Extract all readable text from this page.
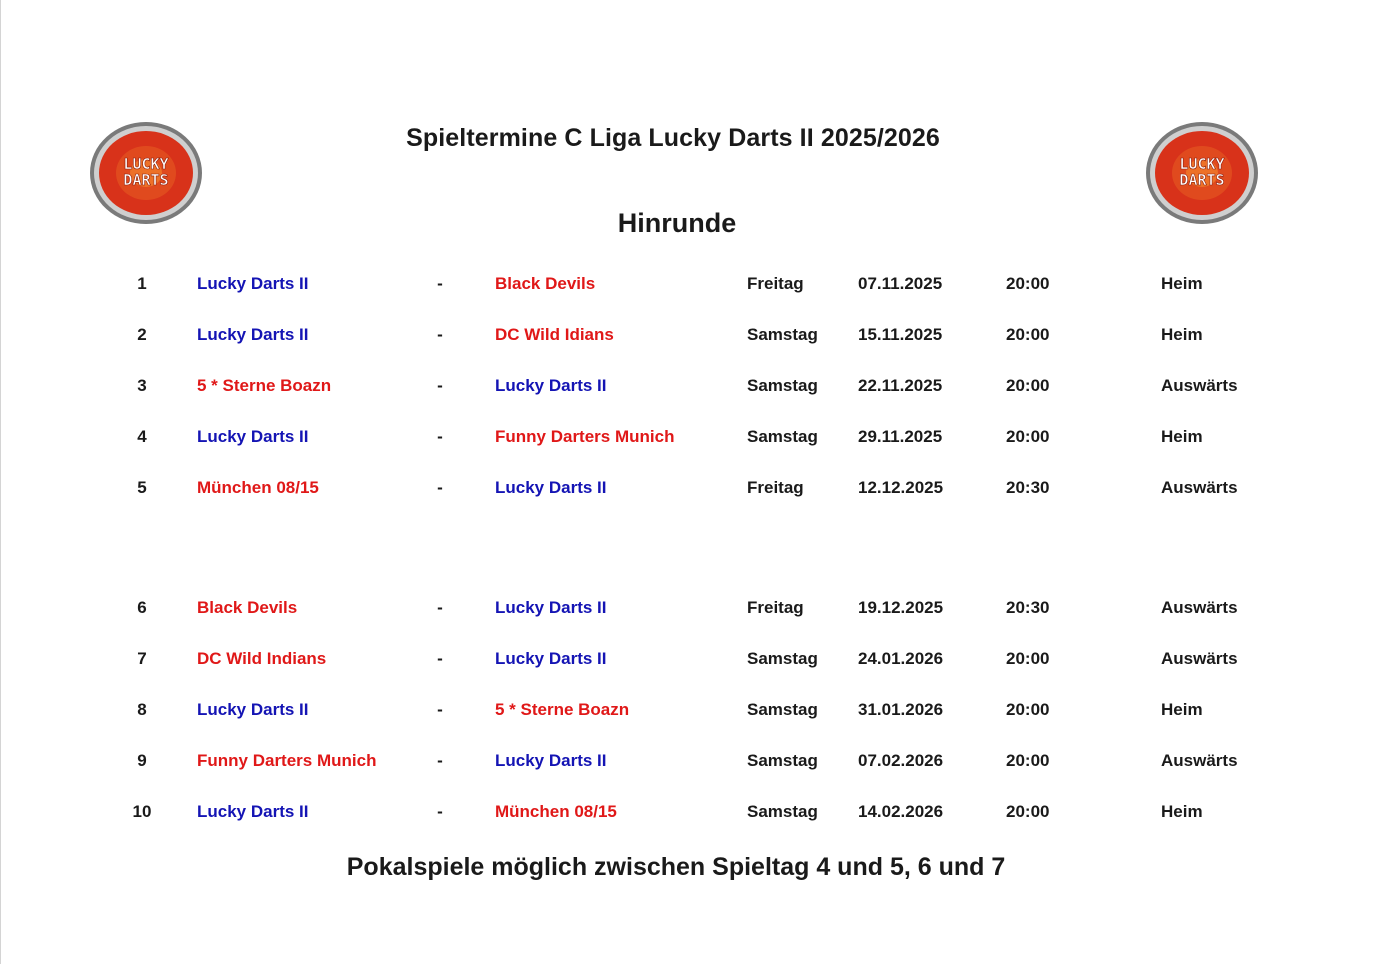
LUCKY
DARTS
LUCKY
DARTS
Spieltermine C Liga Lucky Darts II 2025/2026
Hinrunde
1	Lucky Darts II	-	Black Devils	Freitag	07.11.2025	20:00	Heim
2	Lucky Darts II	-	DC Wild Idians	Samstag 15.11.2025	20:00	Heim
3	5 * Sterne Boazn	-	Lucky Darts II	Samstag 22.11.2025	20:00	Auswärts
4	Lucky Darts II	-	Funny Darters Munich	Samstag 29.11.2025	20:00	Heim
5	München 08/15	-	Lucky Darts II	Freitag	12.12.2025	20:30	Auswärts
6	Black Devils	-	Lucky Darts II	Freitag	19.12.2025	20:30	Auswärts
7	DC Wild Indians	-	Lucky Darts II	Samstag 24.01.2026	20:00	Auswärts
8	Lucky Darts II	-	5 * Sterne Boazn	Samstag 31.01.2026	20:00	Heim
9	Funny Darters Munich	-	Lucky Darts II	Samstag 07.02.2026	20:00	Auswärts
10	Lucky Darts II	-	München 08/15	Samstag 14.02.2026	20:00	Heim
Pokalspiele möglich zwischen Spieltag 4 und 5, 6 und 7
